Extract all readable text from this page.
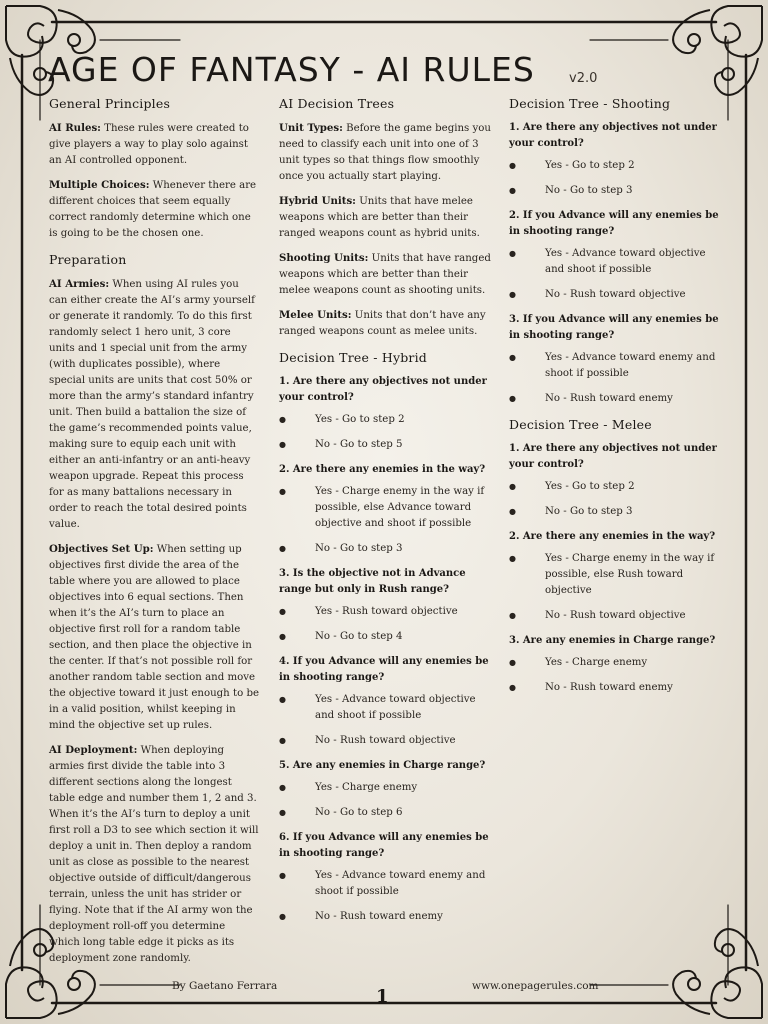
AGE OF FANTASY - AI RULES	v2.0
General Principles

AI Rules: These rules were created to give players a way to play solo against an AI controlled opponent.

Multiple Choices: Whenever there are different choices that seem equally correct randomly determine which one is going to be the chosen one.

Preparation

AI Armies: When using AI rules you can either create the AI’s army yourself or generate it randomly. To do this first randomly select 1 hero unit, 3 core units and 1 special unit from the army (with duplicates possible), where special units are units that cost 50% or more than the army’s standard infantry unit. Then build a battalion the size of the game’s recommended points value, making sure to equip each unit with either an anti-infantry or an anti-heavy weapon upgrade. Repeat this process for as many battalions necessary in order to reach the total desired points value.

Objectives Set Up: When setting up objectives first divide the area of the table where you are allowed to place objectives into 6 equal sections. Then when it’s the AI’s turn to place an objective first roll for a random table section, and then place the objective in the center. If that’s not possible roll for another random table section and move the objective toward it just enough to be in a valid position, whilst keeping in mind the objective set up rules.

AI Deployment: When deploying armies first divide the table into 3 different sections along the longest table edge and number them 1, 2 and 3. When it’s the AI’s turn to deploy a unit first roll a D3 to see which section it will deploy a unit in. Then deploy a random unit as close as possible to the nearest objective outside of difficult/dangerous terrain, unless the unit has strider or flying. Note that if the AI army won the deployment roll-off you determine which long table edge it picks as its deployment zone randomly.

AI Decision Trees

Unit Types: Before the game begins you need to classify each unit into one of 3 unit types so that things flow smoothly once you actually start playing.

Hybrid Units: Units that have melee weapons which are better than their ranged weapons count as hybrid units.

Shooting Units: Units that have ranged weapons which are better than their melee weapons count as shooting units.

Melee Units: Units that don’t have any ranged weapons count as melee units.

Decision Tree - Hybrid
1. Are there any objectives not under your control?
●	Yes - Go to step 2
●	No - Go to step 5
2. Are there any enemies in the way?
●	Yes - Charge enemy in the way if possible, else Advance toward objective and shoot if possible
●	No - Go to step 3
3. Is the objective not in Advance range but only in Rush range?
●	Yes - Rush toward objective
●	No - Go to step 4
4. If you Advance will any enemies be in shooting range?
●	Yes - Advance toward objective and shoot if possible
●	No - Rush toward objective
5. Are any enemies in Charge range?
●	Yes - Charge enemy
●	No - Go to step 6
6. If you Advance will any enemies be in shooting range?
●	Yes - Advance toward enemy and shoot if possible
●	No - Rush toward enemy
Decision Tree - Shooting
1. Are there any objectives not under your control?
●	Yes - Go to step 2
●	No - Go to step 3
2. If you Advance will any enemies be in shooting range?
●	Yes - Advance toward objective and shoot if possible
●	No - Rush toward objective
3. If you Advance will any enemies be in shooting range?
●	Yes - Advance toward enemy and shoot if possible
●	No - Rush toward enemy
Decision Tree - Melee
1. Are there any objectives not under your control?
●	Yes - Go to step 2
●	No - Go to step 3
2. Are there any enemies in the way?
●	Yes - Charge enemy in the way if possible, else Rush toward objective
●	No - Rush toward objective
3. Are any enemies in Charge range?
●	Yes - Charge enemy
●	No - Rush toward enemy
By Gaetano Ferrara	1	www.onepagerules.com
